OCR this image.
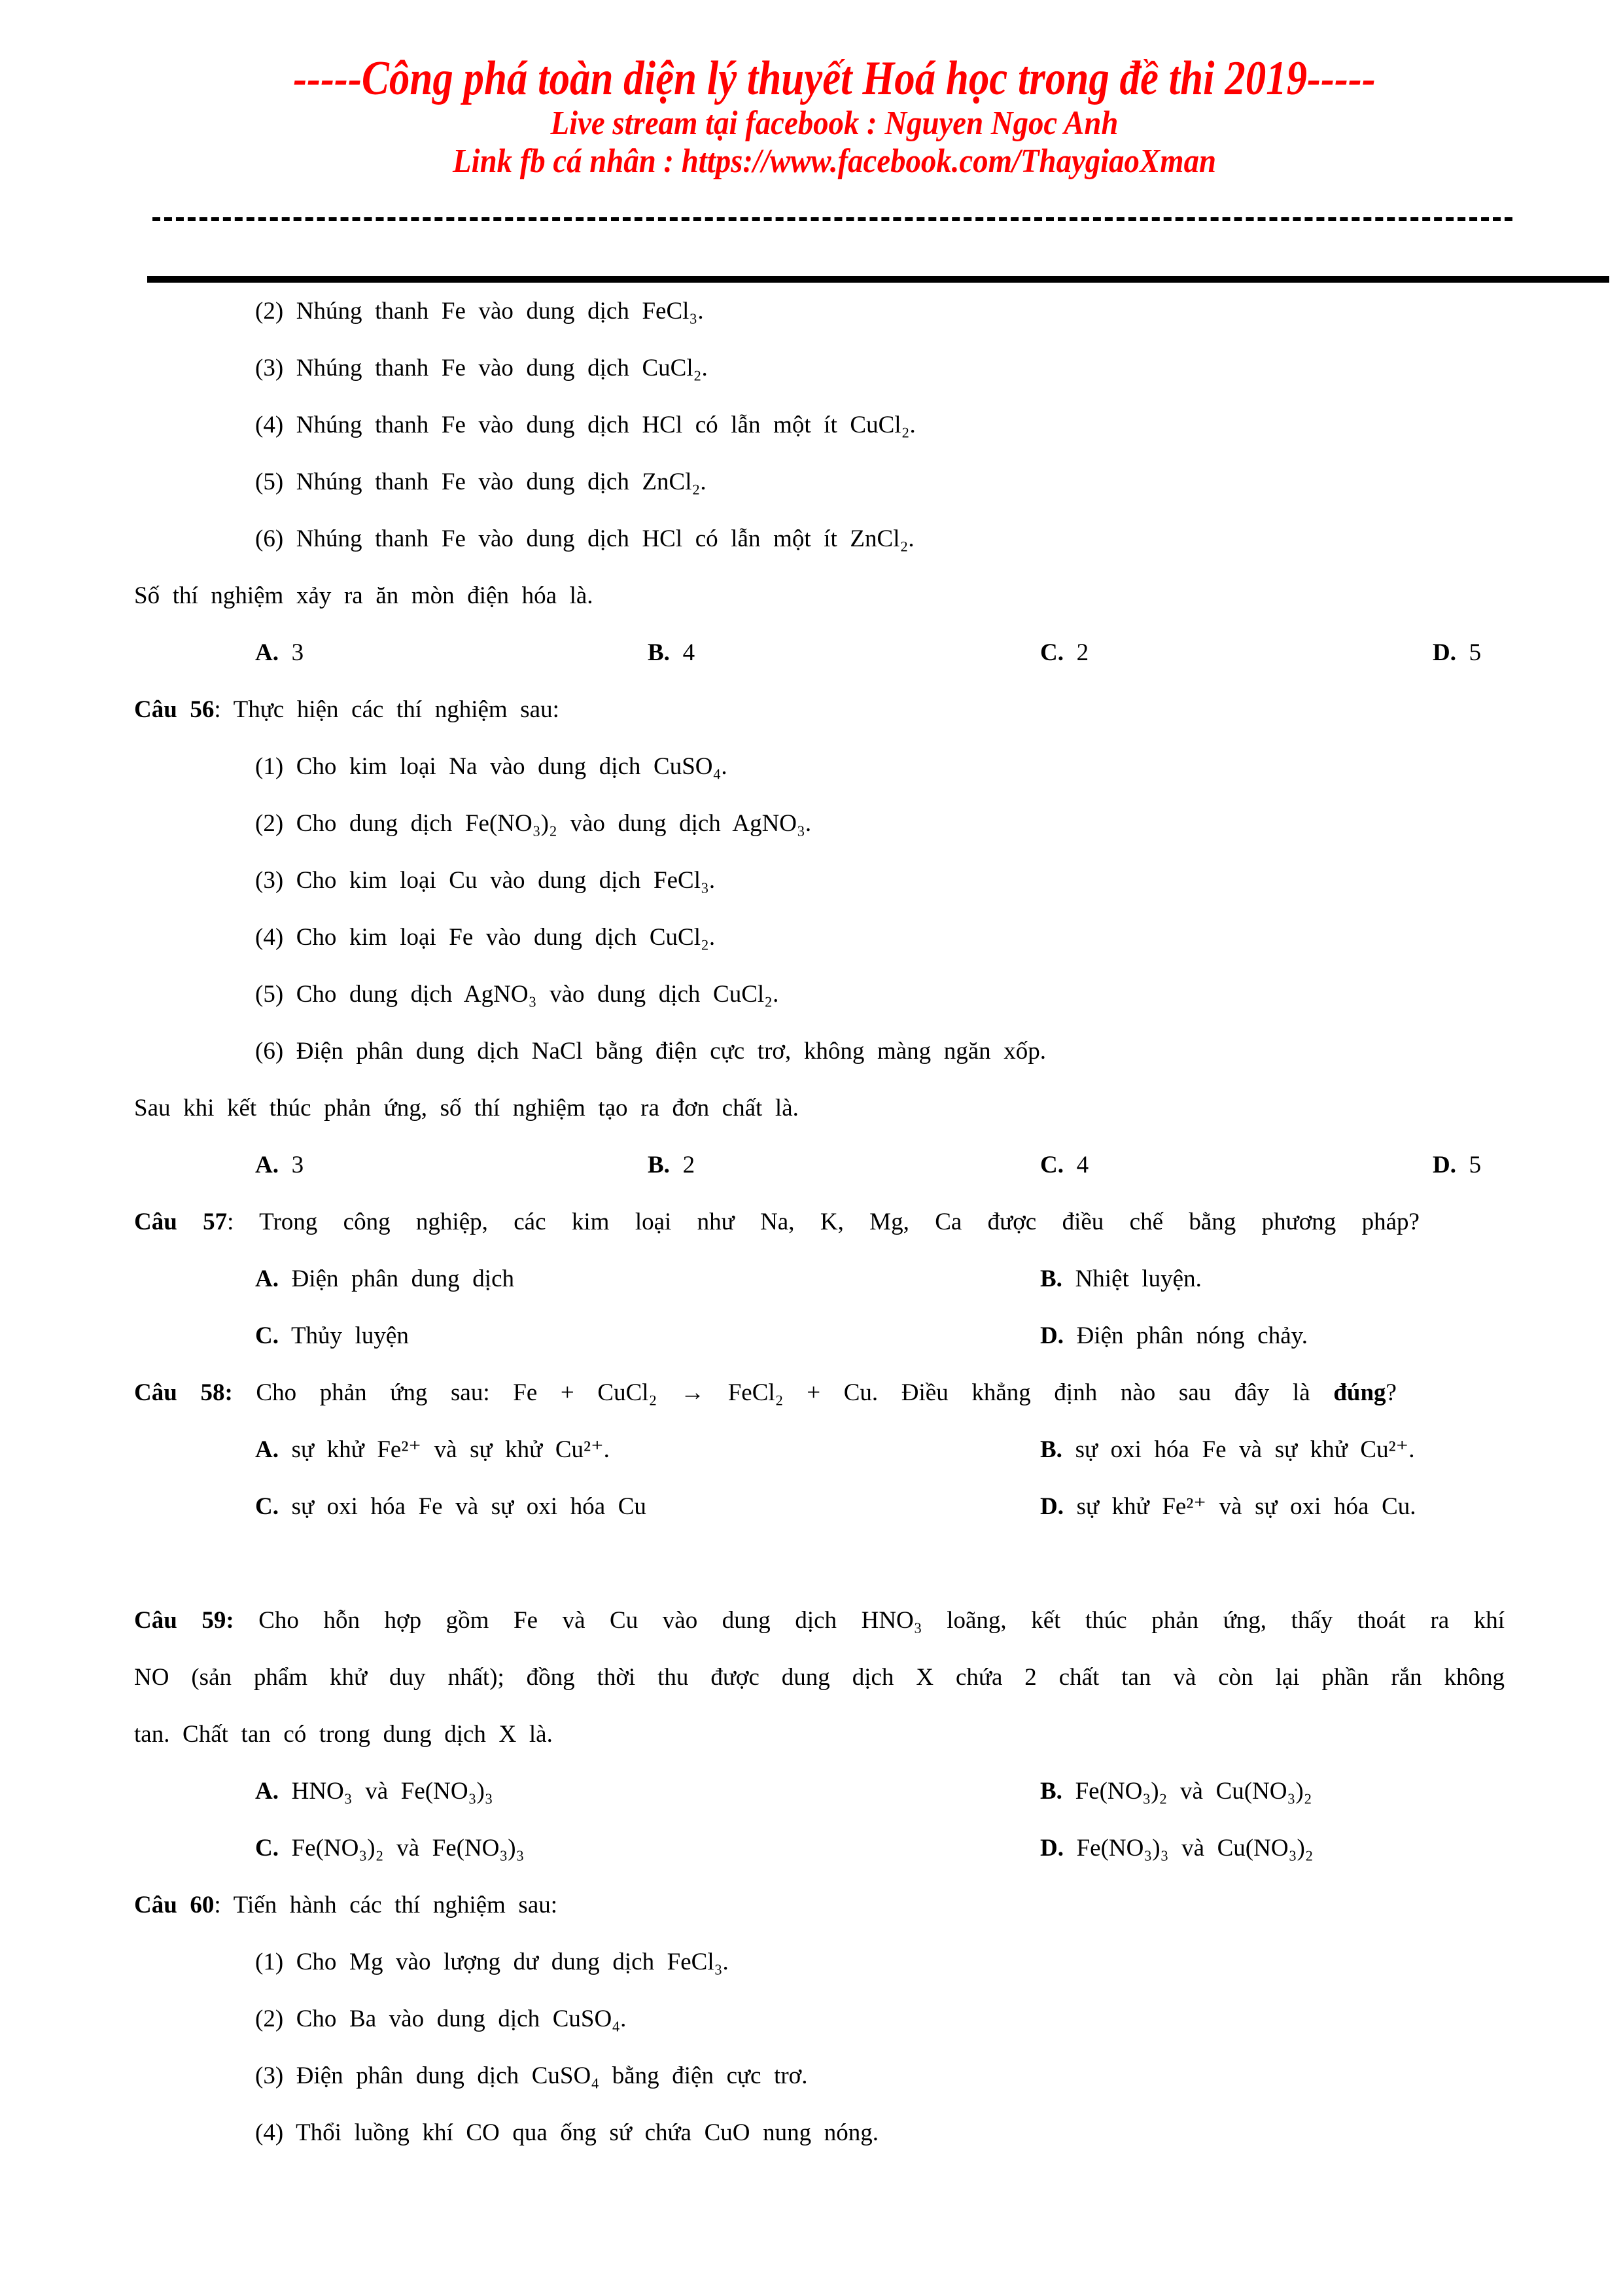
-----Công phá toàn diện lý thuyết Hoá học trong đề thi 2019-----
Live stream tại facebook : Nguyen Ngoc Anh
Link fb cá nhân : https://www.facebook.com/ThaygiaoXman

(2) Nhúng thanh Fe vào dung dịch FeCl₃.

(3) Nhúng thanh Fe vào dung dịch CuCl₂.

(4) Nhúng thanh Fe vào dung dịch HCl có lẫn một ít CuCl₂.

(5) Nhúng thanh Fe vào dung dịch ZnCl₂.

(6) Nhúng thanh Fe vào dung dịch HCl có lẫn một ít ZnCl₂.

Số thí nghiệm xảy ra ăn mòn điện hóa là.

A. 3	B. 4	C. 2	D. 5

Câu 56: Thực hiện các thí nghiệm sau:

(1) Cho kim loại Na vào dung dịch CuSO₄.

(2) Cho dung dịch Fe(NO₃)₂ vào dung dịch AgNO₃.

(3) Cho kim loại Cu vào dung dịch FeCl₃.

(4) Cho kim loại Fe vào dung dịch CuCl₂.

(5) Cho dung dịch AgNO₃ vào dung dịch CuCl₂.

(6) Điện phân dung dịch NaCl bằng điện cực trơ, không màng ngăn xốp.

Sau khi kết thúc phản ứng, số thí nghiệm tạo ra đơn chất là.

A. 3	B. 2	C. 4	D. 5

Câu 57: Trong công nghiệp, các kim loại như Na, K, Mg, Ca được điều chế bằng phương pháp?

A. Điện phân dung dịch	B. Nhiệt luyện.

C. Thủy luyện	D. Điện phân nóng chảy.

Câu 58: Cho phản ứng sau: Fe + CuCl₂ → FeCl₂ + Cu. Điều khẳng định nào sau đây là đúng?

A. sự khử Fe²⁺ và sự khử Cu²⁺.	B. sự oxi hóa Fe và sự khử Cu²⁺.

C. sự oxi hóa Fe và sự oxi hóa Cu	D. sự khử Fe²⁺ và sự oxi hóa Cu.

Câu 59: Cho hỗn hợp gồm Fe và Cu vào dung dịch HNO₃ loãng, kết thúc phản ứng, thấy thoát ra khí

NO (sản phẩm khử duy nhất); đồng thời thu được dung dịch X chứa 2 chất tan và còn lại phần rắn không

tan. Chất tan có trong dung dịch X là.

A. HNO₃ và Fe(NO₃)₃	B. Fe(NO₃)₂ và Cu(NO₃)₂

C. Fe(NO₃)₂ và Fe(NO₃)₃	D. Fe(NO₃)₃ và Cu(NO₃)₂

Câu 60: Tiến hành các thí nghiệm sau:

(1) Cho Mg vào lượng dư dung dịch FeCl₃.

(2) Cho Ba vào dung dịch CuSO₄.

(3) Điện phân dung dịch CuSO₄ bằng điện cực trơ.

(4) Thổi luồng khí CO qua ống sứ chứa CuO nung nóng.
